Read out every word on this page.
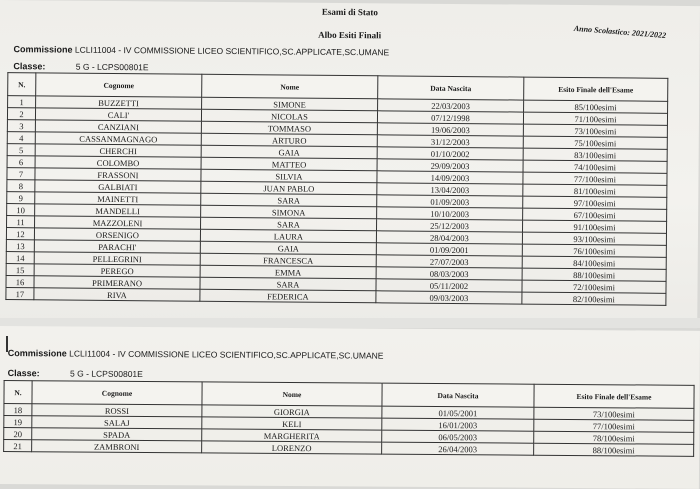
Esami di Stato
Anno Scolastico: 2021/2022
Albo Esiti Finali
Commissione LCLI11004 - IV COMMISSIONE LICEO SCIENTIFICO,SC.APPLICATE,SC.UMANE
Classe:	5 G - LCPS00801E
N.	Cognome	Nome	Data Nascita	Esito Finale dell'Esame
1	BUZZETTI	SIMONE	22/03/2003	85/100esimi
2	CALI'	NICOLAS	07/12/1998	71/100esimi
3	CANZIANI	TOMMASO	19/06/2003	73/100esimi
4	CASSANMAGNAGO	ARTURO	31/12/2003	75/100esimi
5	CHERCHI	GAIA	01/10/2002	83/100esimi
6	COLOMBO	MATTEO	29/09/2003	74/100esimi
7	FRASSONI	SILVIA	14/09/2003	77/100esimi
8	GALBIATI	JUAN PABLO	13/04/2003	81/100esimi
9	MAINETTI	SARA	01/09/2003	97/100esimi
10	MANDELLI	SIMONA	10/10/2003	67/100esimi
11	MAZZOLENI	SARA	25/12/2003	91/100esimi
12	ORSENIGO	LAURA	28/04/2003	93/100esimi
13	PARACHI'	GAIA	01/09/2001	76/100esimi
14	PELLEGRINI	FRANCESCA	27/07/2003	84/100esimi
15	PEREGO	EMMA	08/03/2003	88/100esimi
16	PRIMERANO	SARA	05/11/2002	72/100esimi
17	RIVA	FEDERICA	09/03/2003	82/100esimi
Commissione LCLI11004 - IV COMMISSIONE LICEO SCIENTIFICO,SC.APPLICATE,SC.UMANE
Classe:	5 G - LCPS00801E
N.	Cognome	Nome	Data Nascita	Esito Finale dell'Esame
18	ROSSI	GIORGIA	01/05/2001	73/100esimi
19	SALAJ	KELI	16/01/2003	77/100esimi
20	SPADA	MARGHERITA	06/05/2003	78/100esimi
21	ZAMBRONI	LORENZO	26/04/2003	88/100esimi
